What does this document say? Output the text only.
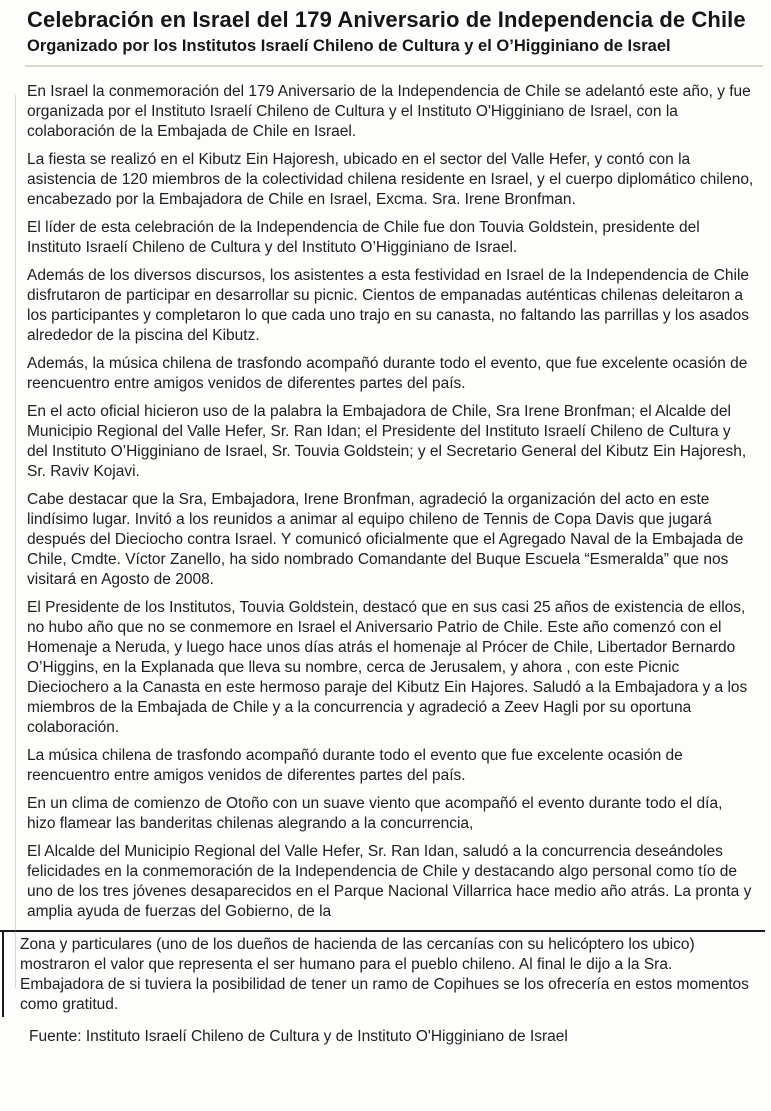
Celebración en Israel del 179 Aniversario de Independencia de Chile
Organizado por los Institutos Israelí Chileno de Cultura y el O’Higginiano de Israel

En Israel la conmemoración del 179 Aniversario de la Independencia de Chile se adelantó este año, y fue organizada por el Instituto Israelí Chileno de Cultura y el Instituto O'Higginiano de Israel, con la colaboración de la Embajada de Chile en Israel.

La fiesta se realizó en el Kibutz Ein Hajoresh, ubicado en el sector del Valle Hefer, y contó con la asistencia de 120 miembros de la colectividad chilena residente en Israel, y el cuerpo diplomático chileno, encabezado por la Embajadora de Chile en Israel, Excma. Sra. Irene Bronfman.

El líder de esta celebración de la Independencia de Chile fue don Touvia Goldstein, presidente del Instituto Israelí Chileno de Cultura y del Instituto O’Higginiano de Israel.

Además de los diversos discursos, los asistentes a esta festividad en Israel de la Independencia de Chile disfrutaron de participar en desarrollar su picnic. Cientos de empanadas auténticas chilenas deleitaron a los participantes y completaron lo que cada uno trajo en su canasta, no faltando las parrillas y los asados alrededor de la piscina del Kibutz.

Además, la música chilena de trasfondo acompañó durante todo el evento, que fue excelente ocasión de reencuentro entre amigos venidos de diferentes partes del país.

En el acto oficial hicieron uso de la palabra la Embajadora de Chile, Sra Irene Bronfman; el Alcalde del Municipio Regional del Valle Hefer, Sr. Ran Idan; el Presidente del Instituto Israelí Chileno de Cultura y del Instituto O’Higginiano de Israel, Sr. Touvia Goldstein; y el Secretario General del Kibutz Ein Hajoresh, Sr. Raviv Kojavi.

Cabe destacar que la Sra, Embajadora, Irene Bronfman, agradeció la organización del acto en este lindísimo lugar. Invitó a los reunidos a animar al equipo chileno de Tennis de Copa Davis que jugará después del Dieciocho contra Israel. Y comunicó oficialmente que el Agregado Naval de la Embajada de Chile, Cmdte. Víctor Zanello, ha sido nombrado Comandante del Buque Escuela “Esmeralda” que nos visitará en Agosto de 2008.

El Presidente de los Institutos, Touvia Goldstein, destacó que en sus casi 25 años de existencia de ellos, no hubo año que no se conmemore en Israel el Aniversario Patrio de Chile. Este año comenzó con el Homenaje a Neruda, y luego hace unos días atrás el homenaje al Prócer de Chile, Libertador Bernardo O’Higgins, en la Explanada que lleva su nombre, cerca de Jerusalem, y ahora , con este Picnic Dieciochero a la Canasta en este hermoso paraje del Kibutz Ein Hajores. Saludó a la Embajadora y a los miembros de la Embajada de Chile y a la concurrencia y agradeció a Zeev Hagli por su oportuna colaboración.

La música chilena de trasfondo acompañó durante todo el evento que fue excelente ocasión de reencuentro entre amigos venidos de diferentes partes del país.

En un clima de comienzo de Otoño con un suave viento que acompañó el evento durante todo el día, hizo flamear las banderitas chilenas alegrando a la concurrencia,

El Alcalde del Municipio Regional del Valle Hefer, Sr. Ran Idan, saludó a la concurrencia deseándoles felicidades en la conmemoración de la Independencia de Chile y destacando algo personal como tío de uno de los tres jóvenes desaparecidos en el Parque Nacional Villarrica hace medio año atrás. La pronta y amplia ayuda de fuerzas del Gobierno, de la

Zona y particulares (uno de los dueños de hacienda de las cercanías con su helicóptero los ubico) mostraron el valor que representa el ser humano para el pueblo chileno. Al final le dijo a la Sra. Embajadora de si tuviera la posibilidad de tener un ramo de Copihues se los ofrecería en estos momentos como gratitud.

Fuente: Instituto Israelí Chileno de Cultura y de Instituto O'Higginiano de Israel
